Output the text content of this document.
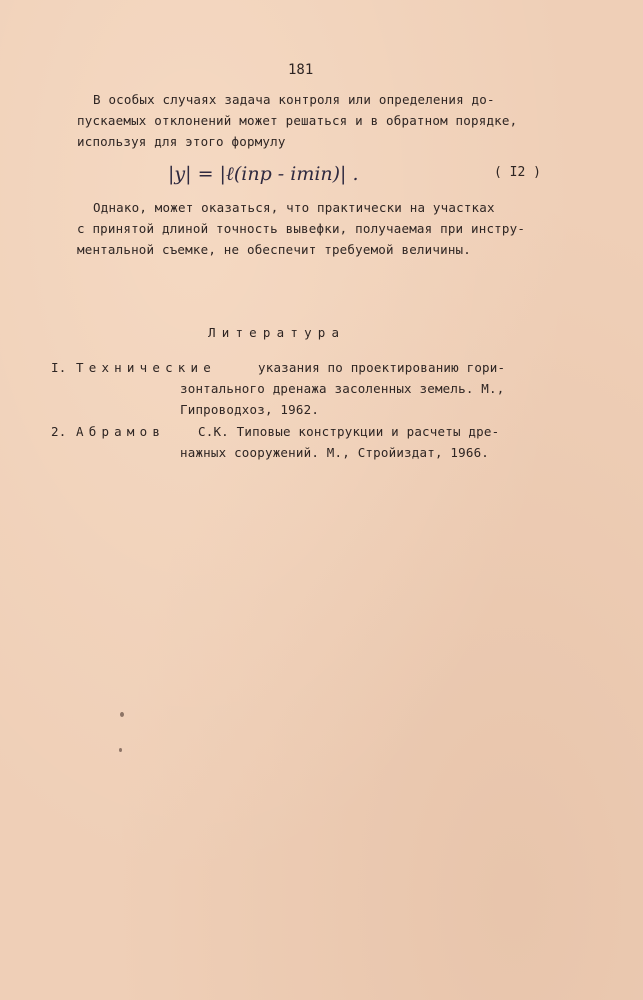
181
В особых случаях задача контроля или определения до-
пускаемых отклонений может решаться и в обратном порядке,
используя для этого формулу
|y| = |ℓ(iпр - imin)| .	( I2 )
Однако, может оказаться, что практически на участках
с принятой длиной точность вывефки, получаемая при инстру-
ментальной съемке, не обеспечит требуемой величины.
Литература
I. Технические	указания по проектированию гори-
зонтального дренажа засоленных земель. М.,
Гипроводхоз, 1962.
2. Абрамов	С.К. Типовые конструкции и расчеты дре-
нажных сооружений. М., Стройиздат, 1966.
